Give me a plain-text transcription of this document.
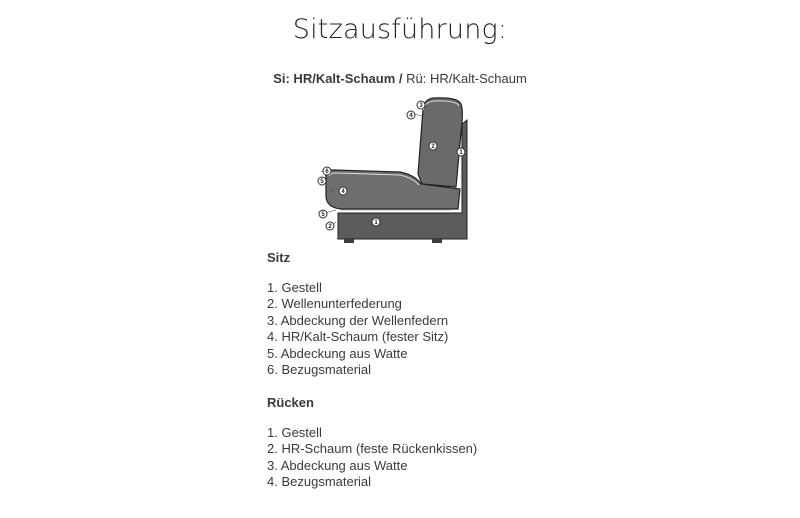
Sitzausführung:
Si: HR/Kalt-Schaum / Rü: HR/Kalt-Schaum
1
1
2
2
3
4
4
5
5
6
Sitz
1. Gestell
2. Wellenunterfederung
3. Abdeckung der Wellenfedern
4. HR/Kalt-Schaum (fester Sitz)
5. Abdeckung aus Watte
6. Bezugsmaterial
Rücken
1. Gestell
2. HR-Schaum (feste Rückenkissen)
3. Abdeckung aus Watte
4. Bezugsmaterial
